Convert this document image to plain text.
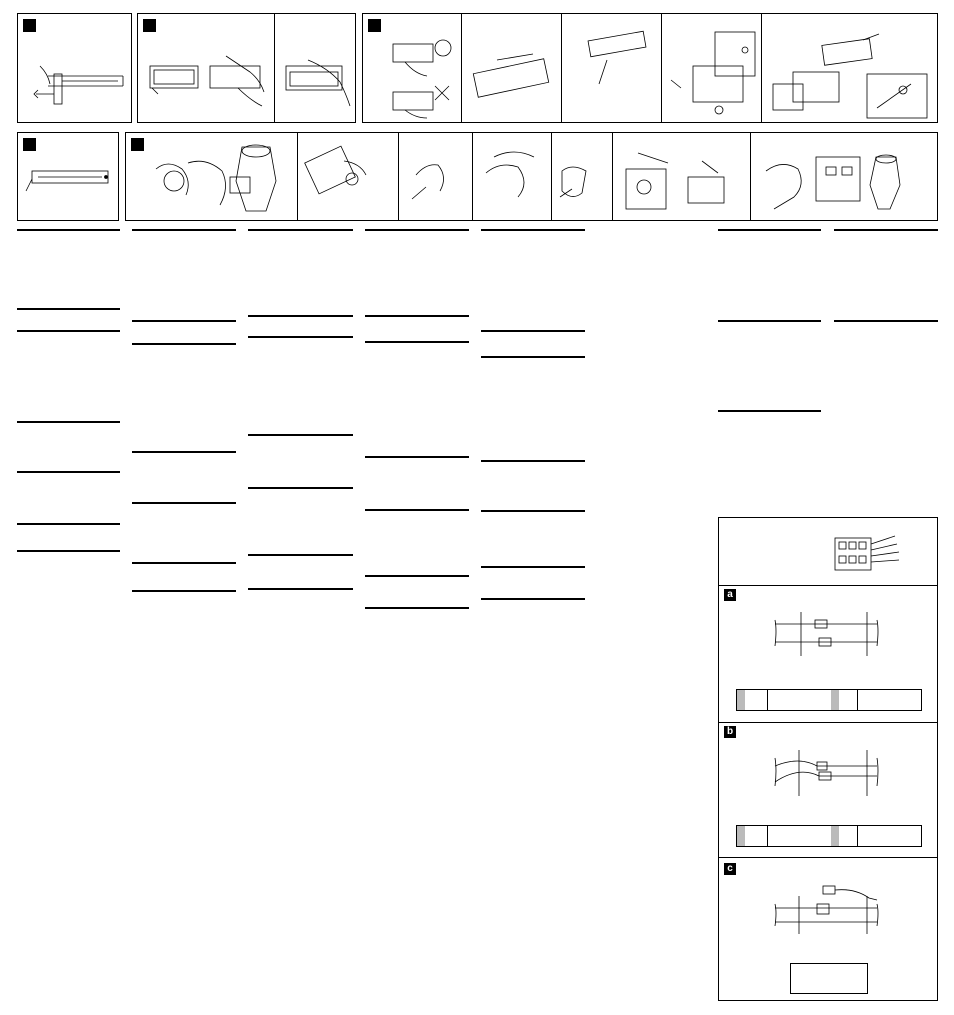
a
b
c
